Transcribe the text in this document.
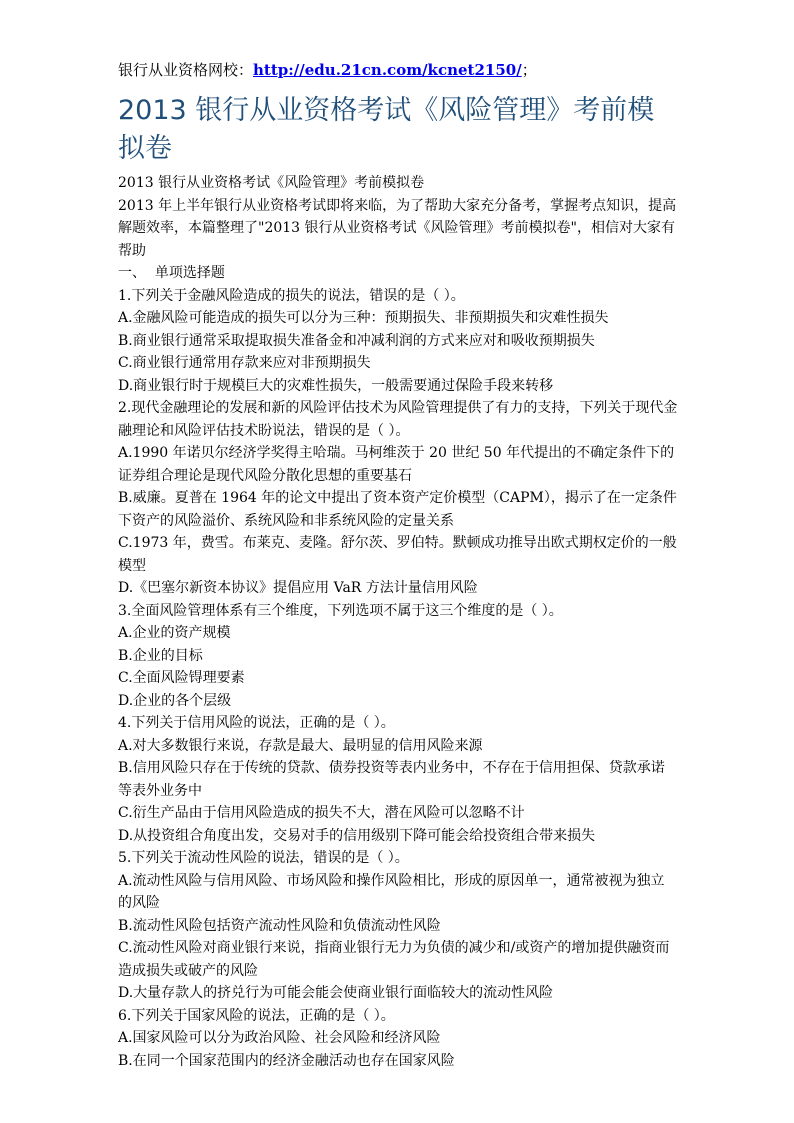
银行从业资格网校：http://edu.21cn.com/kcnet2150/；
2013 银行从业资格考试《风险管理》考前模拟卷

2013 银行从业资格考试《风险管理》考前模拟卷

2013 年上半年银行从业资格考试即将来临，为了帮助大家充分备考，掌握考点知识，提高解题效率，本篇整理了"2013 银行从业资格考试《风险管理》考前模拟卷"，相信对大家有帮助

一、  单项选择题

1.下列关于金融风险造成的损失的说法，错误的是（ ）。

A.金融风险可能造成的损失可以分为三种：预期损失、非预期损失和灾难性损失

B.商业银行通常采取提取损失准备金和冲减利润的方式来应对和吸收预期损失

C.商业银行通常用存款来应对非预期损失

D.商业银行时于规模巨大的灾难性损失，一般需要通过保险手段来转移

2.现代金融理论的发展和新的风险评估技术为风险管理提供了有力的支持，下列关于现代金融理论和风险评估技术盼说法，错误的是（ ）。

A.1990 年诺贝尔经济学奖得主哈瑞。马柯维茨于 20 世纪 50 年代提出的不确定条件下的证券组合理论是现代风险分散化思想的重要基石

B.威廉。夏普在 1964 年的论文中提出了资本资产定价模型（CAPM），揭示了在一定条件下资产的风险溢价、系统风险和非系统风险的定量关系

C.1973 年，费雪。布莱克、麦隆。舒尔茨、罗伯特。默顿成功推导出欧式期权定价的一般模型

D.《巴塞尔新资本协议》提倡应用 VaR 方法计量信用风险

3.全面风险管理体系有三个维度，下列选项不属于这三个维度的是（ ）。

A.企业的资产规模

B.企业的目标

C.全面风险锝理要素

D.企业的各个层级

4.下列关于信用风险的说法，正确的是（ ）。

A.对大多数银行来说，存款是最大、最明显的信用风险来源

B.信用风险只存在于传统的贷款、债券投资等表内业务中，不存在于信用担保、贷款承诺等表外业务中

C.衍生产品由于信用风险造成的损失不大，潜在风险可以忽略不计

D.从投资组合角度出发，交易对手的信用级别下降可能会给投资组合带来损失

5.下列关于流动性风险的说法，错误的是（ ）。

A.流动性风险与信用风险、市场风险和操作风险相比，形成的原因单一，通常被视为独立的风险

B.流动性风险包括资产流动性风险和负债流动性风险

C.流动性风险对商业银行来说，指商业银行无力为负债的减少和/或资产的增加提供融资而造成损失或破产的风险

D.大量存款人的挤兑行为可能会能会使商业银行面临较大的流动性风险

6.下列关于国家风险的说法，正确的是（ ）。

A.国家风险可以分为政治风险、社会风险和经济风险

B.在同一个国家范围内的经济金融活动也存在国家风险
